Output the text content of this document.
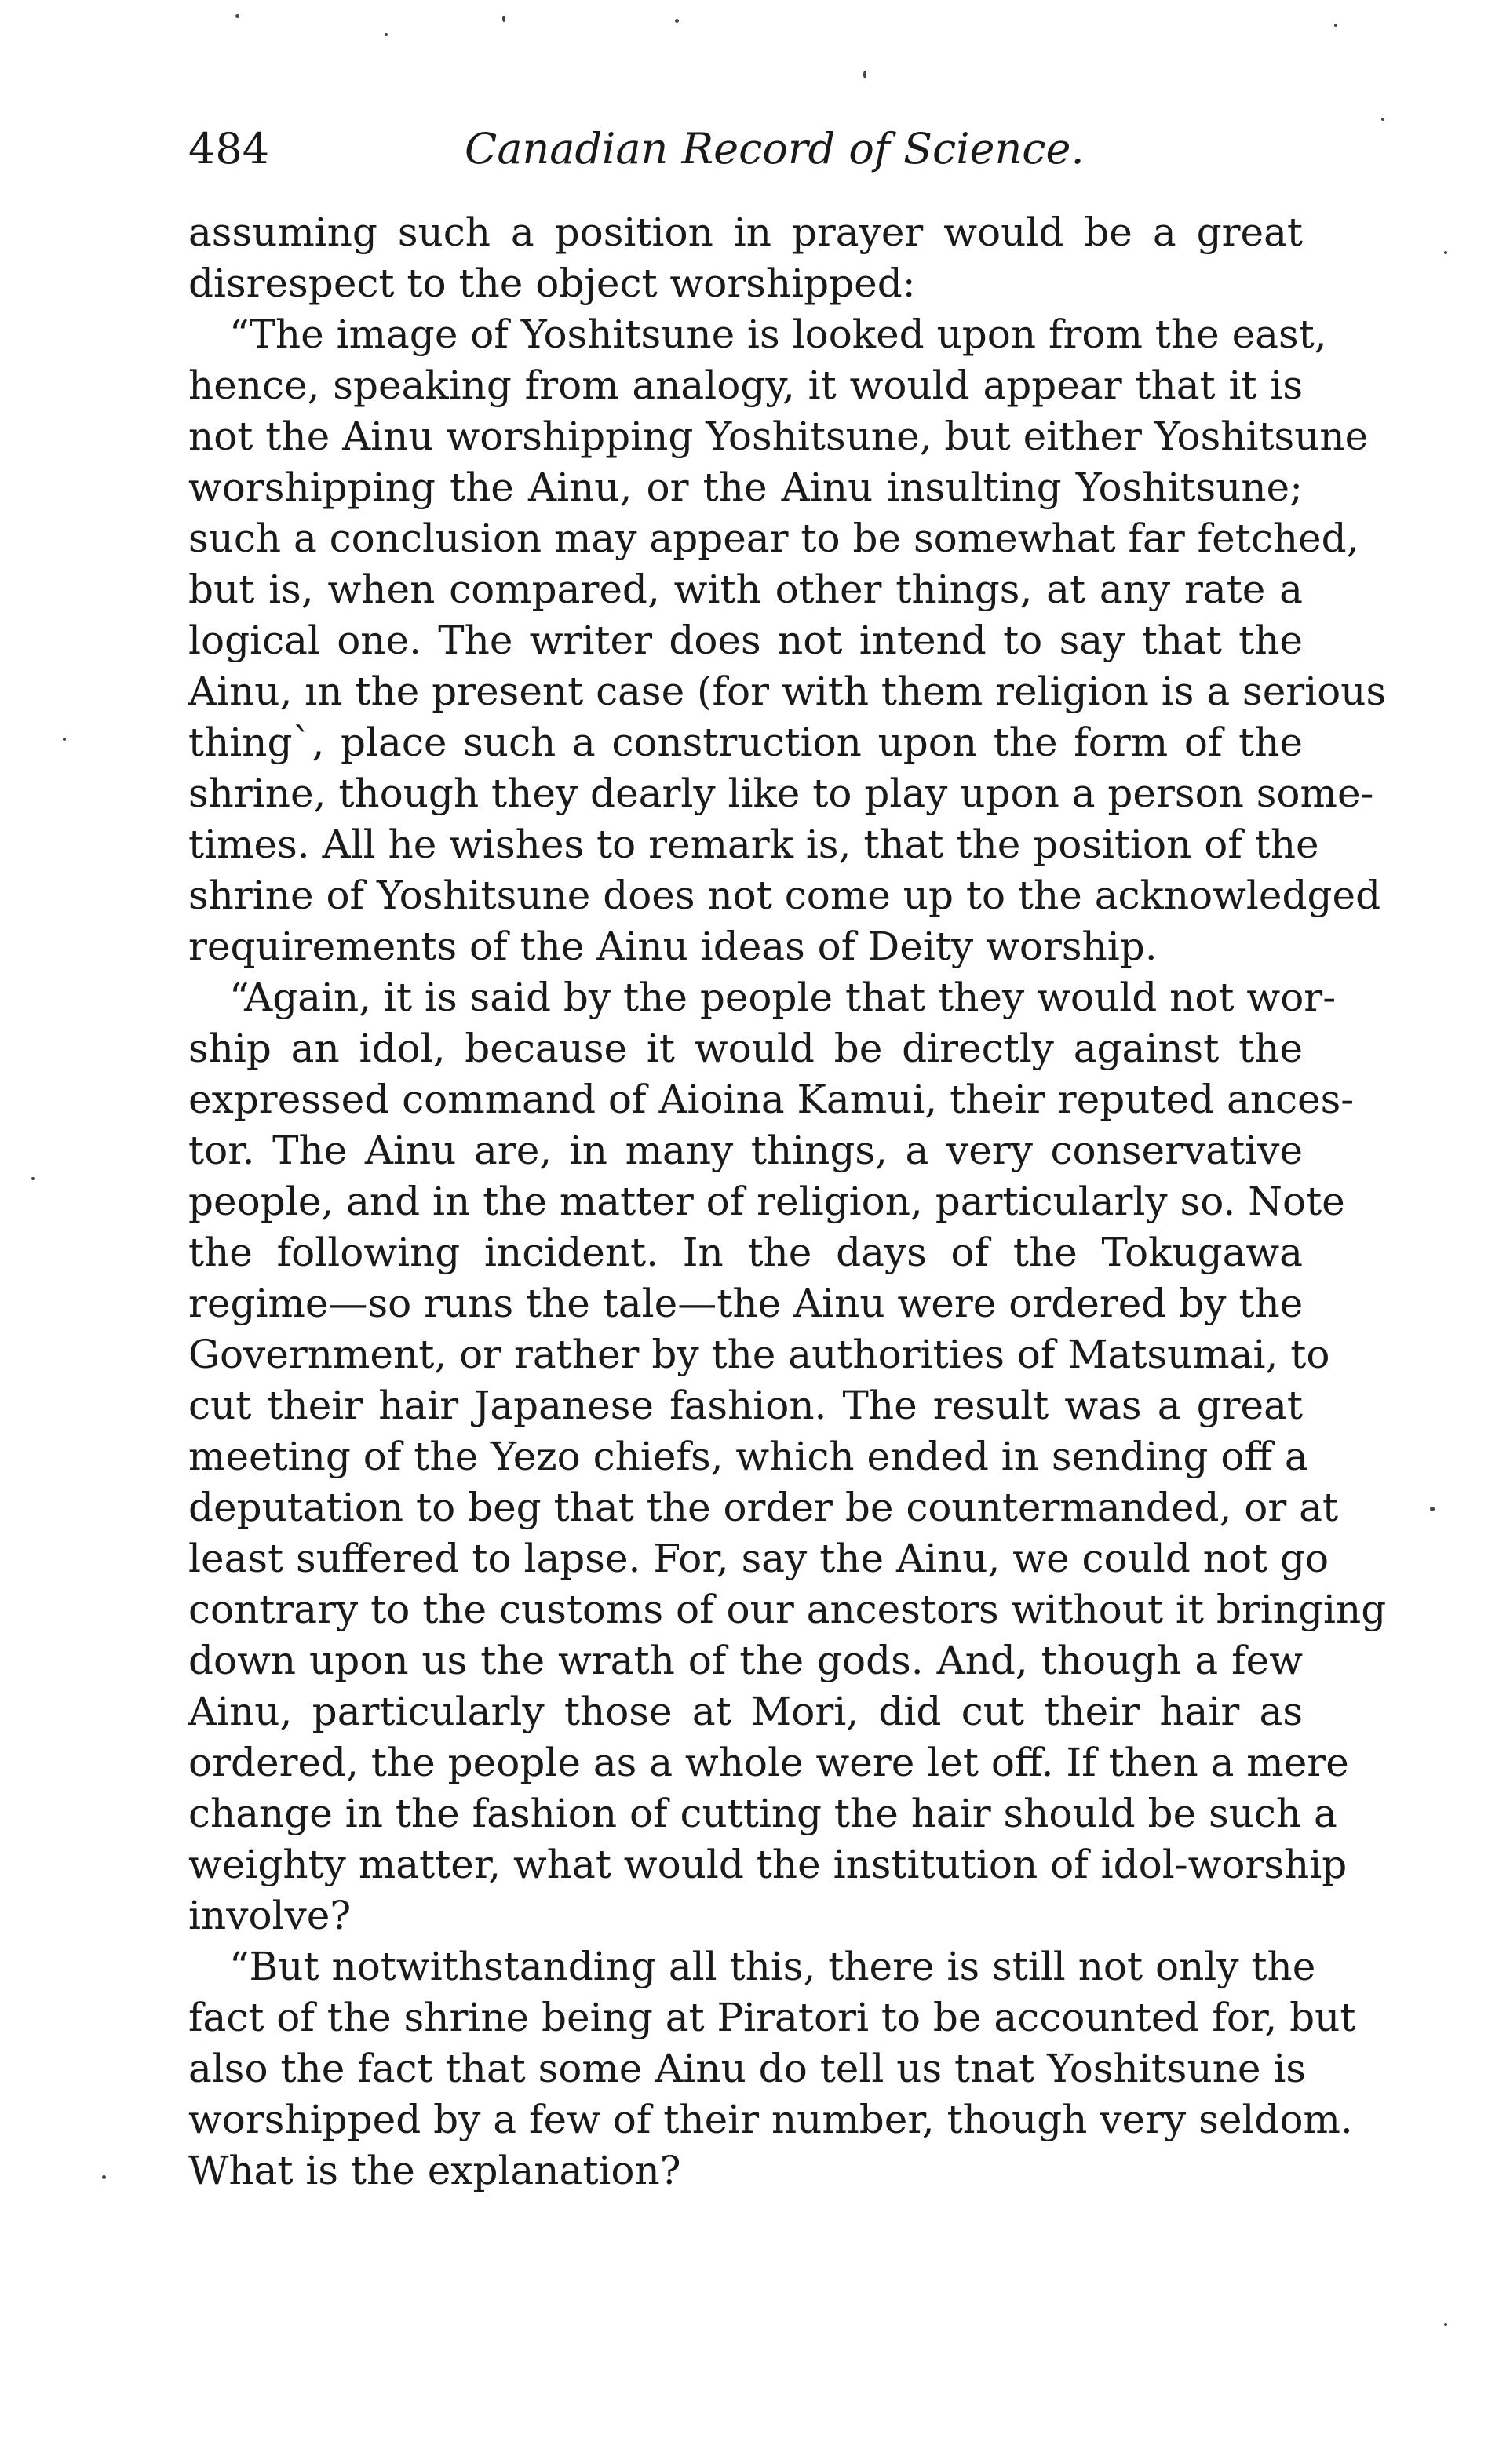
484	Canadian Record of Science.
assuming such a position in prayer would be a great
disrespect to the object worshipped:
“The image of Yoshitsune is looked upon from the east,
hence, speaking from analogy, it would appear that it is
not the Ainu worshipping Yoshitsune, but either Yoshitsune
worshipping the Ainu, or the Ainu insulting Yoshitsune;
such a conclusion may appear to be somewhat far fetched,
but is, when compared, with other things, at any rate a
logical one. The writer does not intend to say that the
Ainu, ın the present case (for with them religion is a serious
thing`, place such a construction upon the form of the
shrine, though they dearly like to play upon a person some-
times. All he wishes to remark is, that the position of the
shrine of Yoshitsune does not come up to the acknowledged
requirements of the Ainu ideas of Deity worship.
“Again, it is said by the people that they would not wor-
ship an idol, because it would be directly against the
expressed command of Aioina Kamui, their reputed ances-
tor. The Ainu are, in many things, a very conservative
people, and in the matter of religion, particularly so. Note
the following incident. In the days of the Tokugawa
regime—so runs the tale—the Ainu were ordered by the
Government, or rather by the authorities of Matsumai, to
cut their hair Japanese fashion. The result was a great
meeting of the Yezo chiefs, which ended in sending off a
deputation to beg that the order be countermanded, or at
least suffered to lapse. For, say the Ainu, we could not go
contrary to the customs of our ancestors without it bringing
down upon us the wrath of the gods. And, though a few
Ainu, particularly those at Mori, did cut their hair as
ordered, the people as a whole were let off. If then a mere
change in the fashion of cutting the hair should be such a
weighty matter, what would the institution of idol-worship
involve?
“But notwithstanding all this, there is still not only the
fact of the shrine being at Piratori to be accounted for, but
also the fact that some Ainu do tell us tnat Yoshitsune is
worshipped by a few of their number, though very seldom.
What is the explanation?
